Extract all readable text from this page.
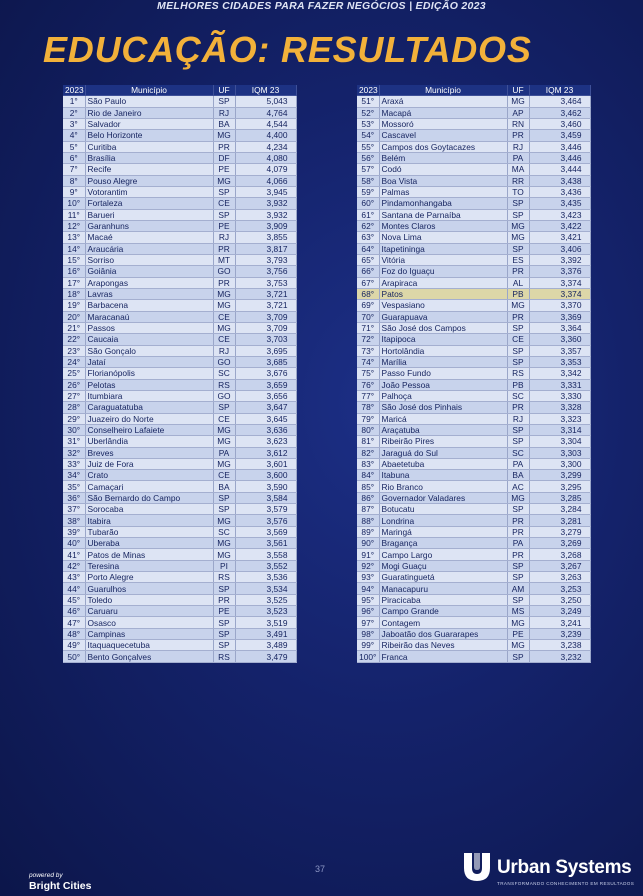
MELHORES CIDADES PARA FAZER NEGÓCIOS | EDIÇÃO 2023
EDUCAÇÃO: RESULTADOS
2023	Município	UF	IQM 23
1°	São Paulo	SP	5,043
2°	Rio de Janeiro	RJ	4,764
3°	Salvador	BA	4,544
4°	Belo Horizonte	MG	4,400
5°	Curitiba	PR	4,234
6°	Brasília	DF	4,080
7°	Recife	PE	4,079
8°	Pouso Alegre	MG	4,066
9°	Votorantim	SP	3,945
10°	Fortaleza	CE	3,932
11°	Barueri	SP	3,932
12°	Garanhuns	PE	3,909
13°	Macaé	RJ	3,855
14°	Araucária	PR	3,817
15°	Sorriso	MT	3,793
16°	Goiânia	GO	3,756
17°	Arapongas	PR	3,753
18°	Lavras	MG	3,721
19°	Barbacena	MG	3,721
20°	Maracanaú	CE	3,709
21°	Passos	MG	3,709
22°	Caucaia	CE	3,703
23°	São Gonçalo	RJ	3,695
24°	Jataí	GO	3,685
25°	Florianópolis	SC	3,676
26°	Pelotas	RS	3,659
27°	Itumbiara	GO	3,656
28°	Caraguatatuba	SP	3,647
29°	Juazeiro do Norte	CE	3,645
30°	Conselheiro Lafaiete	MG	3,636
31°	Uberlândia	MG	3,623
32°	Breves	PA	3,612
33°	Juiz de Fora	MG	3,601
34°	Crato	CE	3,600
35°	Camaçari	BA	3,590
36°	São Bernardo do Campo	SP	3,584
37°	Sorocaba	SP	3,579
38°	Itabira	MG	3,576
39°	Tubarão	SC	3,569
40°	Uberaba	MG	3,561
41°	Patos de Minas	MG	3,558
42°	Teresina	PI	3,552
43°	Porto Alegre	RS	3,536
44°	Guarulhos	SP	3,534
45°	Toledo	PR	3,525
46°	Caruaru	PE	3,523
47°	Osasco	SP	3,519
48°	Campinas	SP	3,491
49°	Itaquaquecetuba	SP	3,489
50°	Bento Gonçalves	RS	3,479
2023	Município	UF	IQM 23
51°	Araxá	MG	3,464
52°	Macapá	AP	3,462
53°	Mossoró	RN	3,460
54°	Cascavel	PR	3,459
55°	Campos dos Goytacazes	RJ	3,446
56°	Belém	PA	3,446
57°	Codó	MA	3,444
58°	Boa Vista	RR	3,438
59°	Palmas	TO	3,436
60°	Pindamonhangaba	SP	3,435
61°	Santana de Parnaíba	SP	3,423
62°	Montes Claros	MG	3,422
63°	Nova Lima	MG	3,421
64°	Itapetininga	SP	3,406
65°	Vitória	ES	3,392
66°	Foz do Iguaçu	PR	3,376
67°	Arapiraca	AL	3,374
68°	Patos	PB	3,374
69°	Vespasiano	MG	3,370
70°	Guarapuava	PR	3,369
71°	São José dos Campos	SP	3,364
72°	Itapipoca	CE	3,360
73°	Hortolândia	SP	3,357
74°	Marília	SP	3,353
75°	Passo Fundo	RS	3,342
76°	João Pessoa	PB	3,331
77°	Palhoça	SC	3,330
78°	São José dos Pinhais	PR	3,328
79°	Maricá	RJ	3,323
80°	Araçatuba	SP	3,314
81°	Ribeirão Pires	SP	3,304
82°	Jaraguá do Sul	SC	3,303
83°	Abaetetuba	PA	3,300
84°	Itabuna	BA	3,299
85°	Rio Branco	AC	3,295
86°	Governador Valadares	MG	3,285
87°	Botucatu	SP	3,284
88°	Londrina	PR	3,281
89°	Maringá	PR	3,279
90°	Bragança	PA	3,269
91°	Campo Largo	PR	3,268
92°	Mogi Guaçu	SP	3,267
93°	Guaratinguetá	SP	3,263
94°	Manacapuru	AM	3,253
95°	Piracicaba	SP	3,250
96°	Campo Grande	MS	3,249
97°	Contagem	MG	3,241
98°	Jaboatão dos Guararapes	PE	3,239
99°	Ribeirão das Neves	MG	3,238
100°	Franca	SP	3,232
37
powered by
Bright Cities
Urban Systems
TRANSFORMANDO CONHECIMENTO EM RESULTADOS
